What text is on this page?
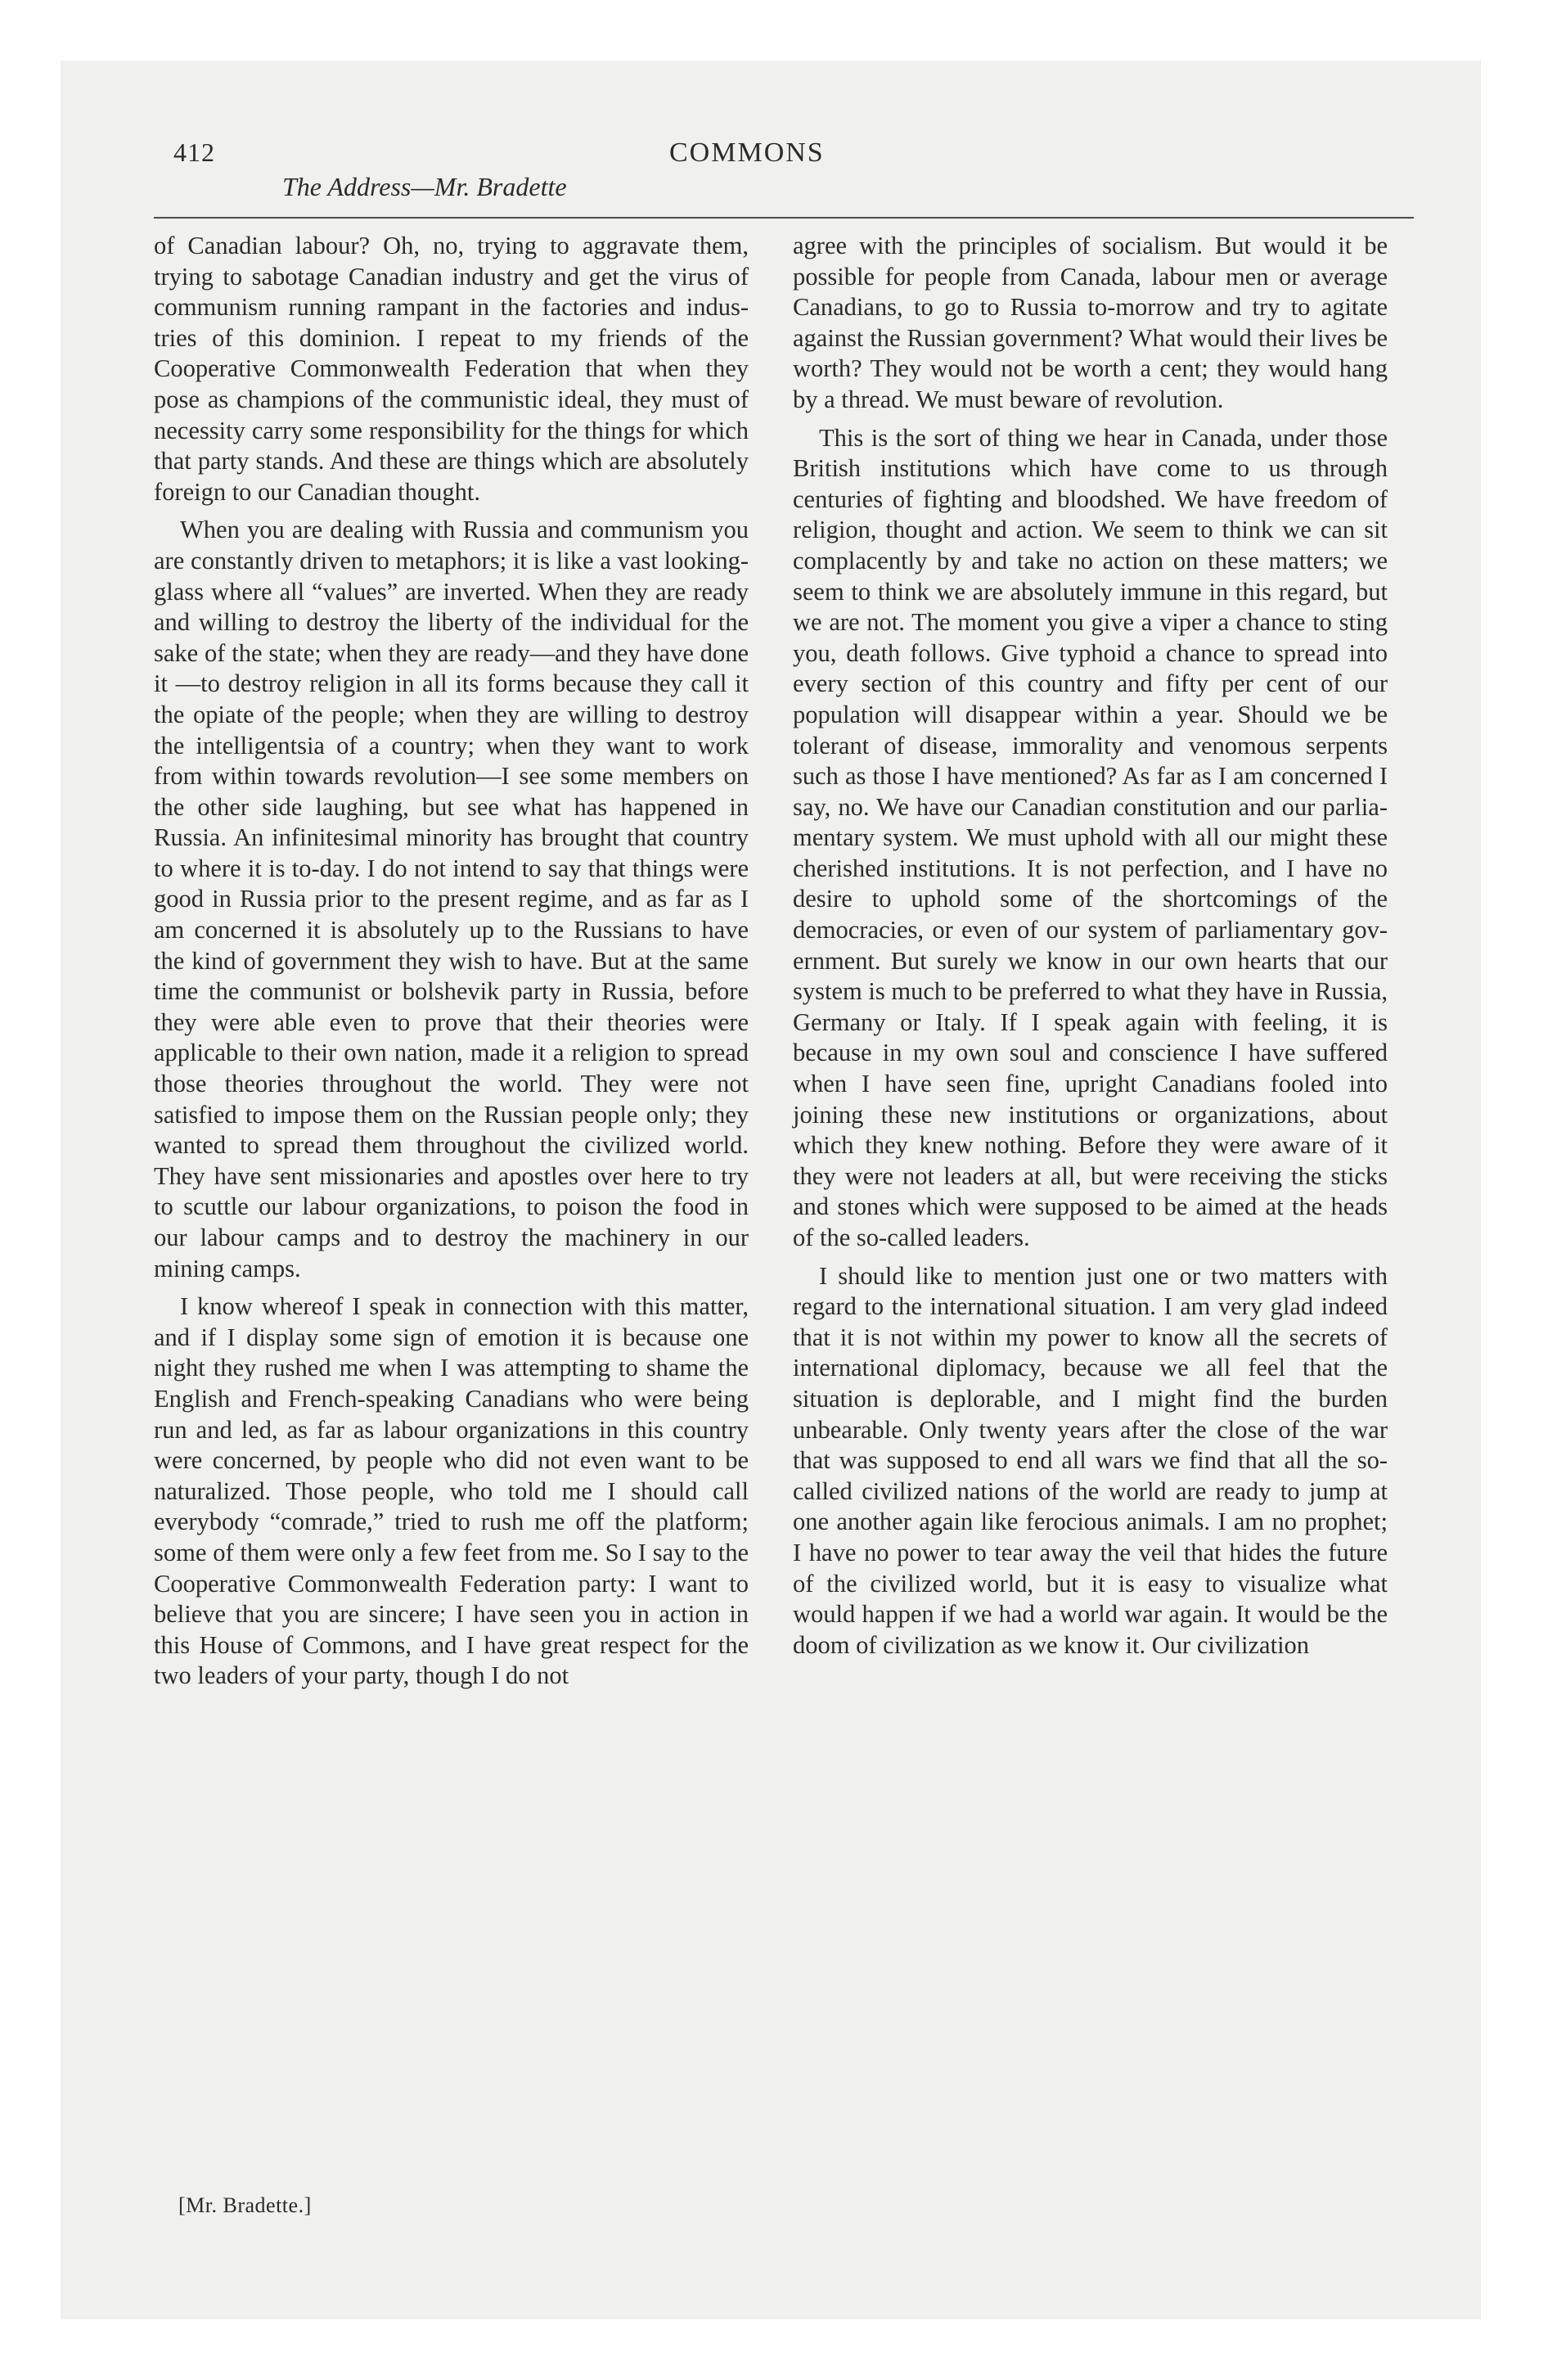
412	COMMONS
The Address—Mr. Bradette

of Canadian labour? Oh, no, trying to aggravate them, trying to sabotage Canadian industry and get the virus of communism running rampant in the factories and industries of this dominion. I repeat to my friends of the Cooperative Commonwealth Federation that when they pose as champions of the communistic ideal, they must of necessity carry some responsibility for the things for which that party stands. And these are things which are absolutely foreign to our Canadian thought.

When you are dealing with Russia and communism you are constantly driven to metaphors; it is like a vast looking-glass where all “values” are inverted. When they are ready and willing to destroy the liberty of the individual for the sake of the state; when they are ready—and they have done it —to destroy religion in all its forms because they call it the opiate of the people; when they are willing to destroy the intelligentsia of a country; when they want to work from within towards revolution—I see some members on the other side laughing, but see what has happened in Russia. An infinitesimal minority has brought that country to where it is to-day. I do not intend to say that things were good in Russia prior to the present regime, and as far as I am concerned it is absolutely up to the Russians to have the kind of government they wish to have. But at the same time the communist or bolshevik party in Russia, before they were able even to prove that their theories were applicable to their own nation, made it a religion to spread those theories throughout the world. They were not satisfied to impose them on the Russian people only; they wanted to spread them throughout the civilized world. They have sent missionaries and apostles over here to try to scuttle our labour organizations, to poison the food in our labour camps and to destroy the machinery in our mining camps.

I know whereof I speak in connection with this matter, and if I display some sign of emotion it is because one night they rushed me when I was attempting to shame the English and French-speaking Canadians who were being run and led, as far as labour organizations in this country were concerned, by people who did not even want to be naturalized. Those people, who told me I should call everybody “comrade,” tried to rush me off the platform; some of them were only a few feet from me. So I say to the Cooperative Commonwealth Federation party: I want to believe that you are sincere; I have seen you in action in this House of Commons, and I have great respect for the two leaders of your party, though I do not

agree with the principles of socialism. But would it be possible for people from Canada, labour men or average Canadians, to go to Russia to-morrow and try to agitate against the Russian government? What would their lives be worth? They would not be worth a cent; they would hang by a thread. We must beware of revolution.

This is the sort of thing we hear in Canada, under those British institutions which have come to us through centuries of fighting and bloodshed. We have freedom of religion, thought and action. We seem to think we can sit complacently by and take no action on these matters; we seem to think we are absolutely immune in this regard, but we are not. The moment you give a viper a chance to sting you, death follows. Give typhoid a chance to spread into every section of this country and fifty per cent of our population will disappear within a year. Should we be tolerant of disease, immorality and venomous serpents such as those I have mentioned? As far as I am concerned I say, no. We have our Canadian constitution and our parliamentary system. We must uphold with all our might these cherished institutions. It is not perfection, and I have no desire to uphold some of the shortcomings of the democracies, or even of our system of parliamentary government. But surely we know in our own hearts that our system is much to be preferred to what they have in Russia, Germany or Italy. If I speak again with feeling, it is because in my own soul and conscience I have suffered when I have seen fine, upright Canadians fooled into joining these new institutions or organizations, about which they knew nothing. Before they were aware of it they were not leaders at all, but were receiving the sticks and stones which were supposed to be aimed at the heads of the so-called leaders.

I should like to mention just one or two matters with regard to the international situation. I am very glad indeed that it is not within my power to know all the secrets of international diplomacy, because we all feel that the situation is deplorable, and I might find the burden unbearable. Only twenty years after the close of the war that was supposed to end all wars we find that all the so-called civilized nations of the world are ready to jump at one another again like ferocious animals. I am no prophet; I have no power to tear away the veil that hides the future of the civilized world, but it is easy to visualize what would happen if we had a world war again. It would be the doom of civilization as we know it. Our civilization

[Mr. Bradette.]
